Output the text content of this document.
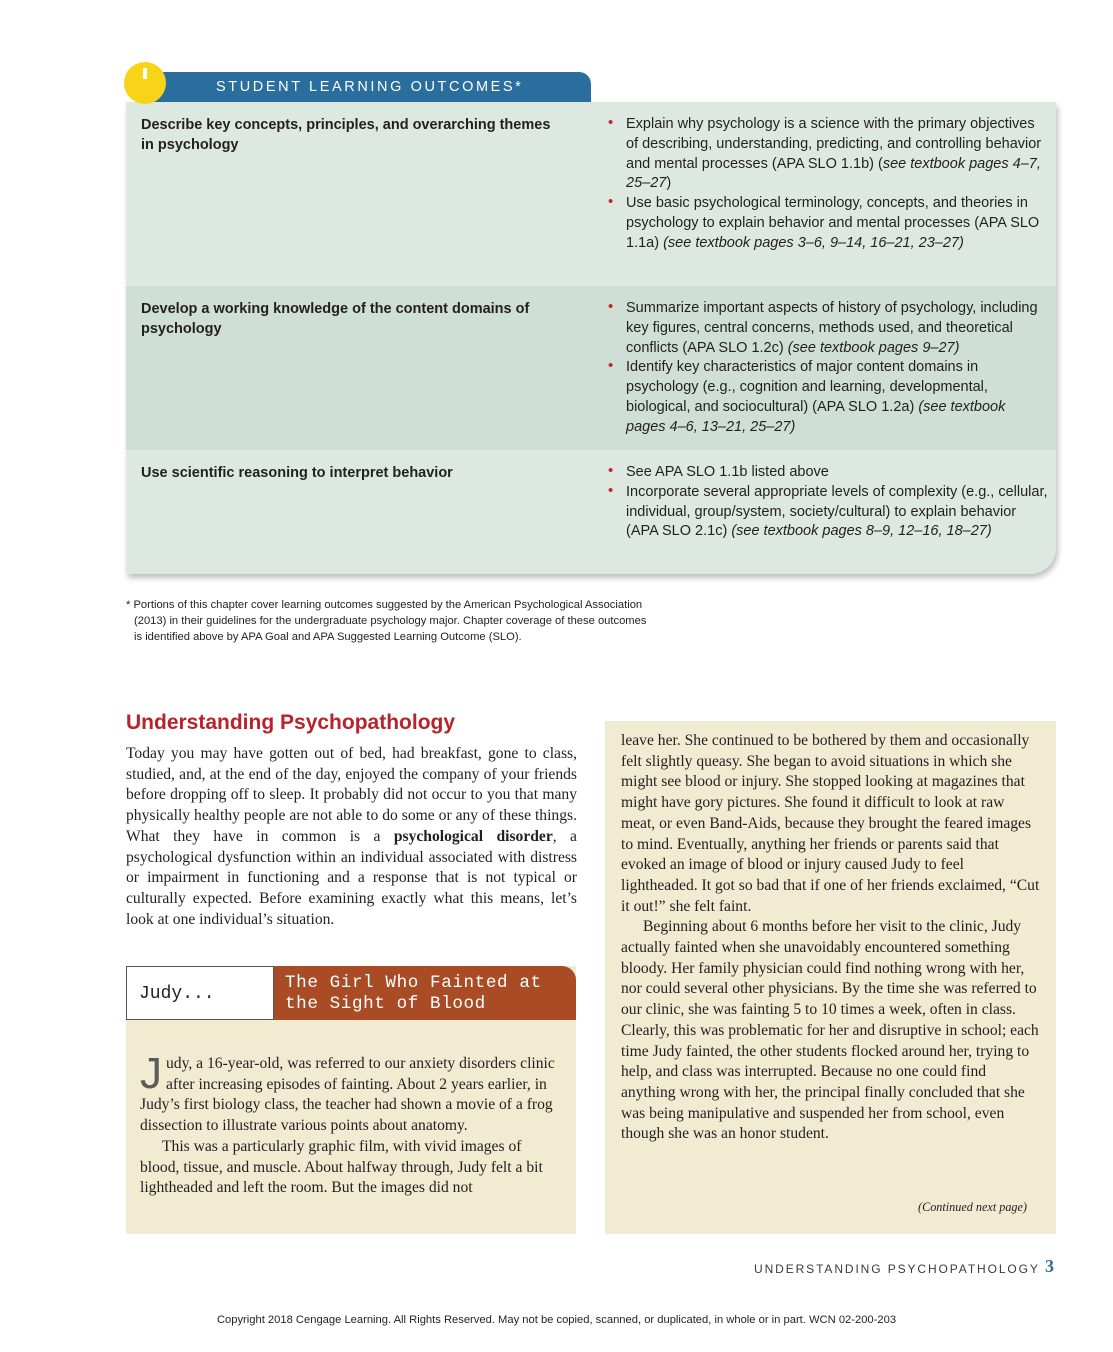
Describe key concepts, principles, and overarching themes in psychology
• Explain why psychology is a science with the primary objectives of describing, understanding, predicting, and controlling behavior and mental processes (APA SLO 1.1b) (see textbook pages 4–7, 25–27)
• Use basic psychological terminology, concepts, and theories in psychology to explain behavior and mental processes (APA SLO 1.1a) (see textbook pages 3–6, 9–14, 16–21, 23–27)
Develop a working knowledge of the content domains of psychology
• Summarize important aspects of history of psychology, including key figures, central concerns, methods used, and theoretical conflicts (APA SLO 1.2c) (see textbook pages 9–27)
• Identify key characteristics of major content domains in psychology (e.g., cognition and learning, developmental, biological, and sociocultural) (APA SLO 1.2a) (see textbook pages 4–6, 13–21, 25–27)
Use scientific reasoning to interpret behavior
•	See APA SLO 1.1b listed above
• Incorporate several appropriate levels of complexity (e.g., cellular, individual, group/system, society/cultural) to explain behavior (APA SLO 2.1c) (see textbook pages 8–9, 12–16, 18–27)
STUDENT LEARNING OUTCOMES*
* Portions of this chapter cover learning outcomes suggested by the American Psychological Association
(2013) in their guidelines for the undergraduate psychology major. Chapter coverage of these outcomes
is identified above by APA Goal and APA Suggested Learning Outcome (SLO).
Understanding Psychopathology

Today you may have gotten out of bed, had breakfast, gone to class, studied, and, at the end of the day, enjoyed the company of your friends before dropping off to sleep. It probably did not occur to you that many physically healthy people are not able to do some or any of these things. What they have in common is a psychological disorder, a psychological dysfunction within an individual associated with distress or impairment in functioning and a response that is not typical or culturally expected. Before examining exactly what this means, let’s look at one individual’s situation.

Judy...
The Girl Who Fainted at the Sight of Blood

Judy, a 16-year-old, was referred to our anxiety disorders clinic after increasing episodes of fainting. About 2 years earlier, in Judy’s first biology class, the teacher had shown a movie of a frog dissection to illustrate various points about anatomy.

This was a particularly graphic film, with vivid images of blood, tissue, and muscle. About halfway through, Judy felt a bit lightheaded and left the room. But the images did not

leave her. She continued to be bothered by them and occasionally felt slightly queasy. She began to avoid situations in which she might see blood or injury. She stopped looking at magazines that might have gory pictures. She found it difficult to look at raw meat, or even Band-Aids, because they brought the feared images to mind. Eventually, anything her friends or parents said that evoked an image of blood or injury caused Judy to feel lightheaded. It got so bad that if one of her friends exclaimed, “Cut it out!” she felt faint.

Beginning about 6 months before her visit to the clinic, Judy actually fainted when she unavoidably encountered something bloody. Her family physician could find nothing wrong with her, nor could several other physicians. By the time she was referred to our clinic, she was fainting 5 to 10 times a week, often in class. Clearly, this was problematic for her and disruptive in school; each time Judy fainted, the other students flocked around her, trying to help, and class was interrupted. Because no one could find anything wrong with her, the principal finally concluded that she was being manipulative and suspended her from school, even though she was an honor student.

(Continued next page)
UNDERSTANDING PSYCHOPATHOLOGY 3
Copyright 2018 Cengage Learning. All Rights Reserved. May not be copied, scanned, or duplicated, in whole or in part. WCN 02-200-203
